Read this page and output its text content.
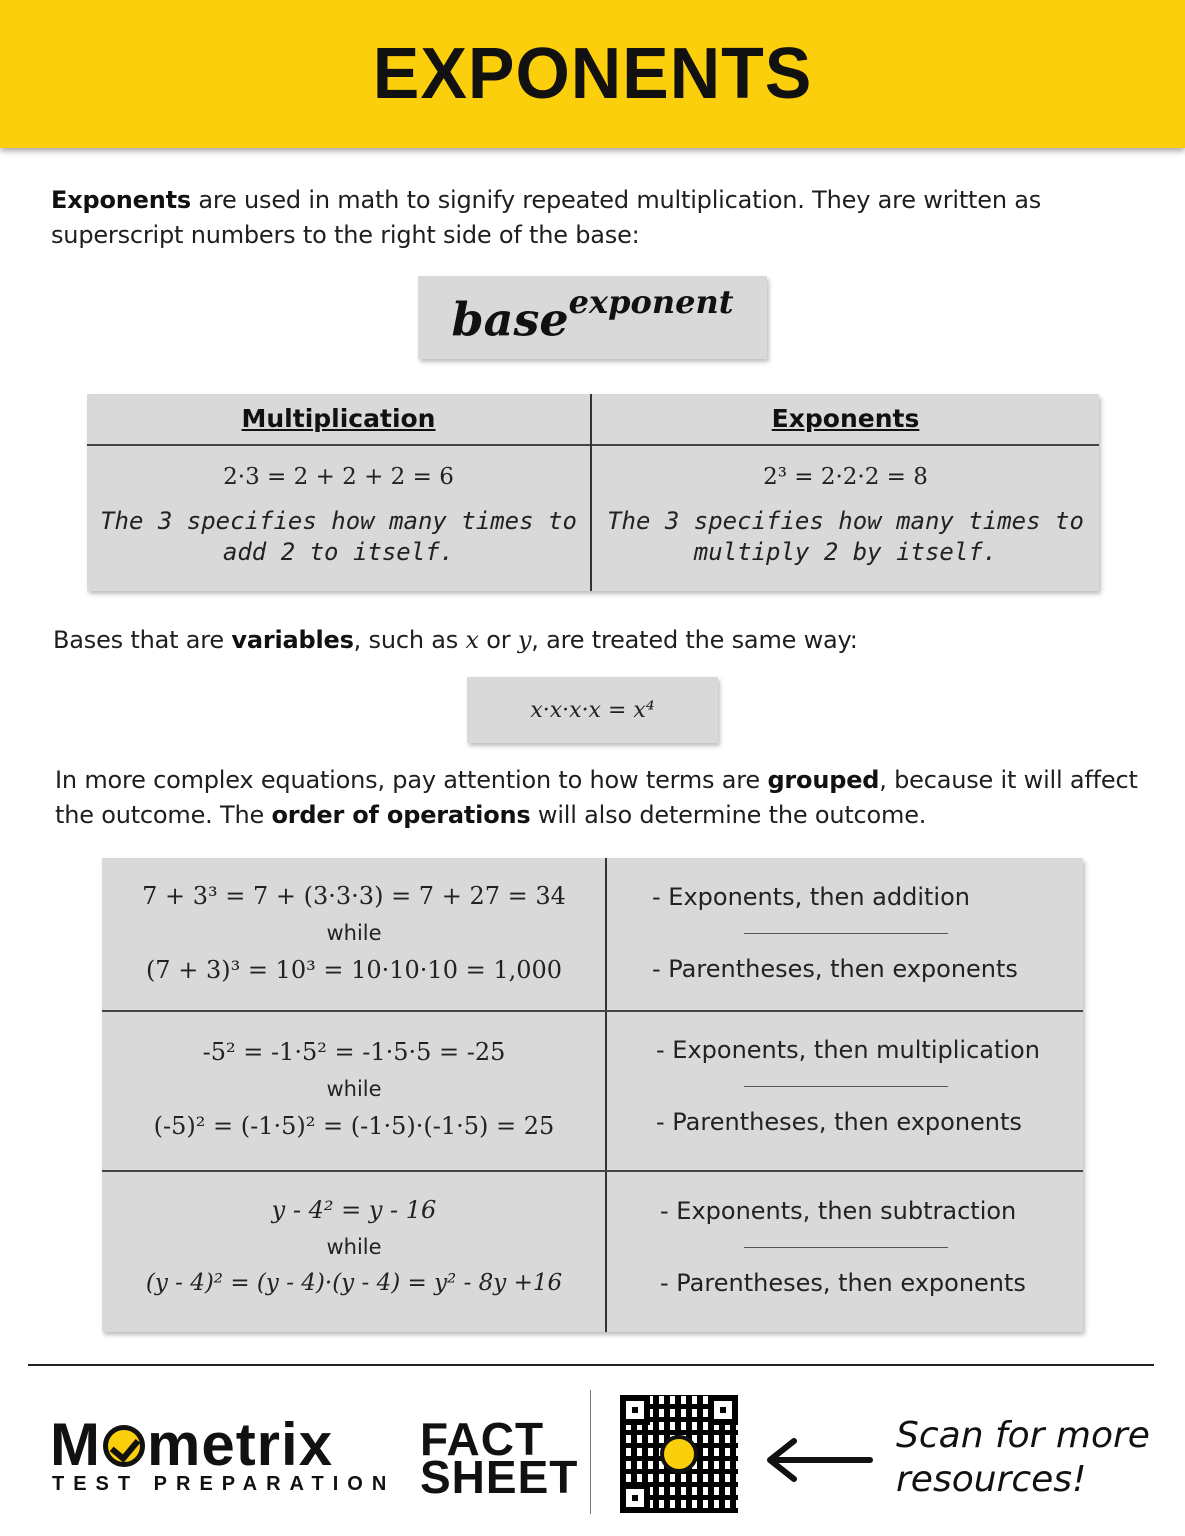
EXPONENTS
Exponents are used in math to signify repeated multiplication. They are written as superscript numbers to the right side of the base:
base$^{exponent}$
Multiplication
2·3 = 2 + 2 + 2 = 6
The 3 specifies how many times to add 2 to itself.
Exponents
2³ = 2·2·2 = 8
The 3 specifies how many times to multiply 2 by itself.
Bases that are variables, such as x or y, are treated the same way:
x·x·x·x = x⁴
In more complex equations, pay attention to how terms are grouped, because it will affect the outcome. The order of operations will also determine the outcome.
7 + 3³ = 7 + (3·3·3) = 7 + 27 = 34
while
(7 + 3)³ = 10³ = 10·10·10 = 1,000
- Exponents, then addition
- Parentheses, then exponents
-5² = -1·5² = -1·5·5 = -25
while
(-5)² = (-1·5)² = (-1·5)·(-1·5) = 25
- Exponents, then multiplication
- Parentheses, then exponents
y - 4² = y - 16
while
(y - 4)² = (y - 4)·(y - 4) = y² - 8y +16
- Exponents, then subtraction
- Parentheses, then exponents
M metrix
TEST PREPARATION
FACT
SHEET
Scan for more
resources!
